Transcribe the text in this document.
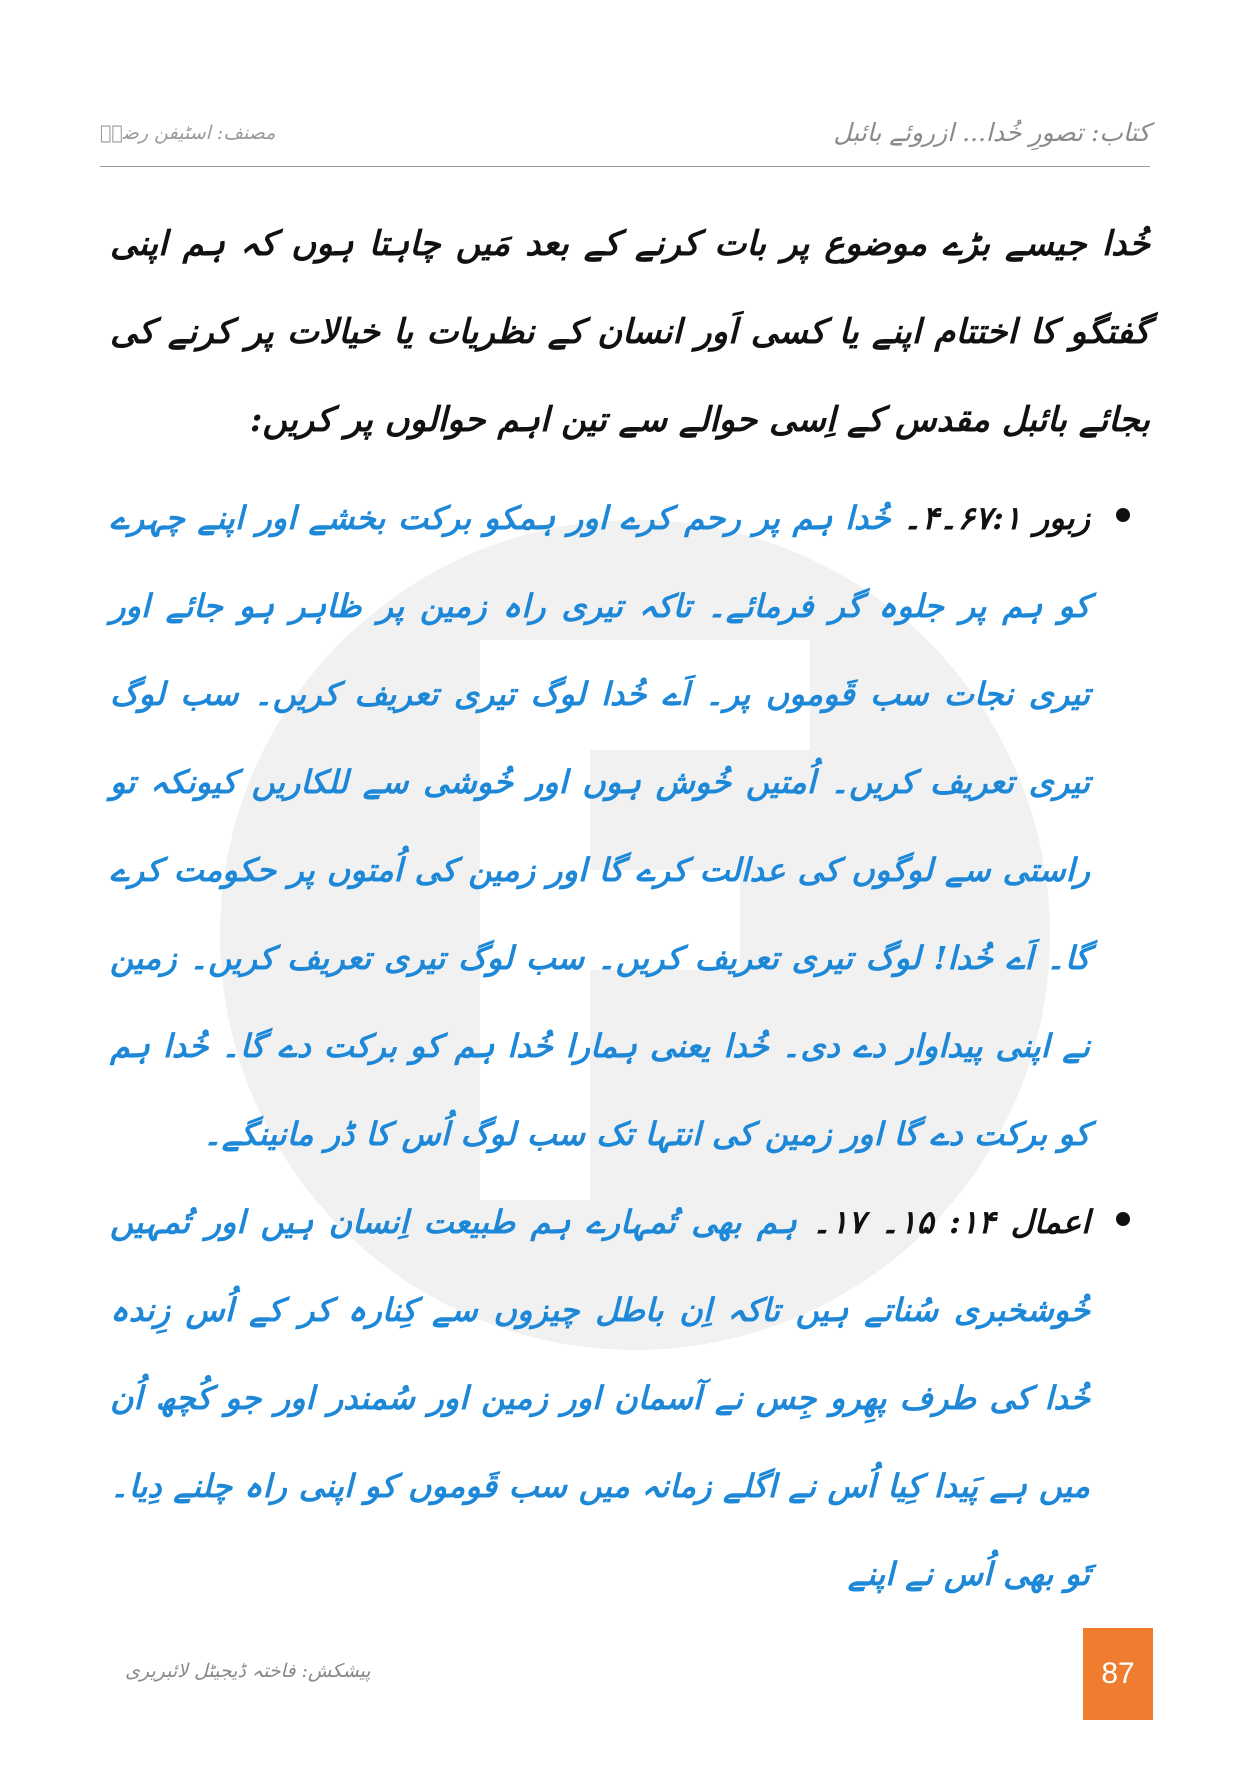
کتاب: تصورِ خُدا... ازروئے بائبل
مصنف: اسٹیفن رضاؔ

خُدا جیسے بڑے موضوع پر بات کرنے کے بعد مَیں چاہتا ہوں کہ ہم اپنی گفتگو کا اختتام اپنے یا کسی اَور انسان کے نظریات یا خیالات پر کرنے کی بجائے بائبل مقدس کے اِسی حوالے سے تین اہم حوالوں پر کریں:

زبور ۶۷:۱۔۴۔ خُدا ہم پر رحم کرے اور ہمکو برکت بخشے اور اپنے چہرے کو ہم پر جلوہ گر فرمائے۔ تاکہ تیری راہ زمین پر ظاہر ہو جائے اور تیری نجات سب قَوموں پر۔ اَے خُدا لوگ تیری تعریف کریں۔ سب لوگ تیری تعریف کریں۔ اُمتیں خُوش ہوں اور خُوشی سے للکاریں کیونکہ تو راستی سے لوگوں کی عدالت کرے گا اور زمین کی اُمتوں پر حکومت کرے گا۔ اَے خُدا! لوگ تیری تعریف کریں۔ سب لوگ تیری تعریف کریں۔ زمین نے اپنی پیداوار دے دی۔ خُدا یعنی ہمارا خُدا ہم کو برکت دے گا۔ خُدا ہم کو برکت دے گا اور زمین کی انتہا تک سب لوگ اُس کا ڈر مانینگے۔
اعمال ۱۴: ۱۵۔ ۱۷۔ ہم بھی تُمہارے ہم طبیعت اِنسان ہیں اور تُمہیں خُوشخبری سُناتے ہیں تاکہ اِن باطل چیزوں سے کِنارہ کر کے اُس زِندہ خُدا کی طرف پھِرو جِس نے آسمان اور زمین اور سُمندر اور جو کُچھ اُن میں ہے پَیدا کِیا اُس نے اگلے زمانہ میں سب قَوموں کو اپنی راہ چلنے دِیا۔ تَو بھی اُس نے اپنے
پیشکش: فاختہ ڈیجیٹل لائبریری	87
